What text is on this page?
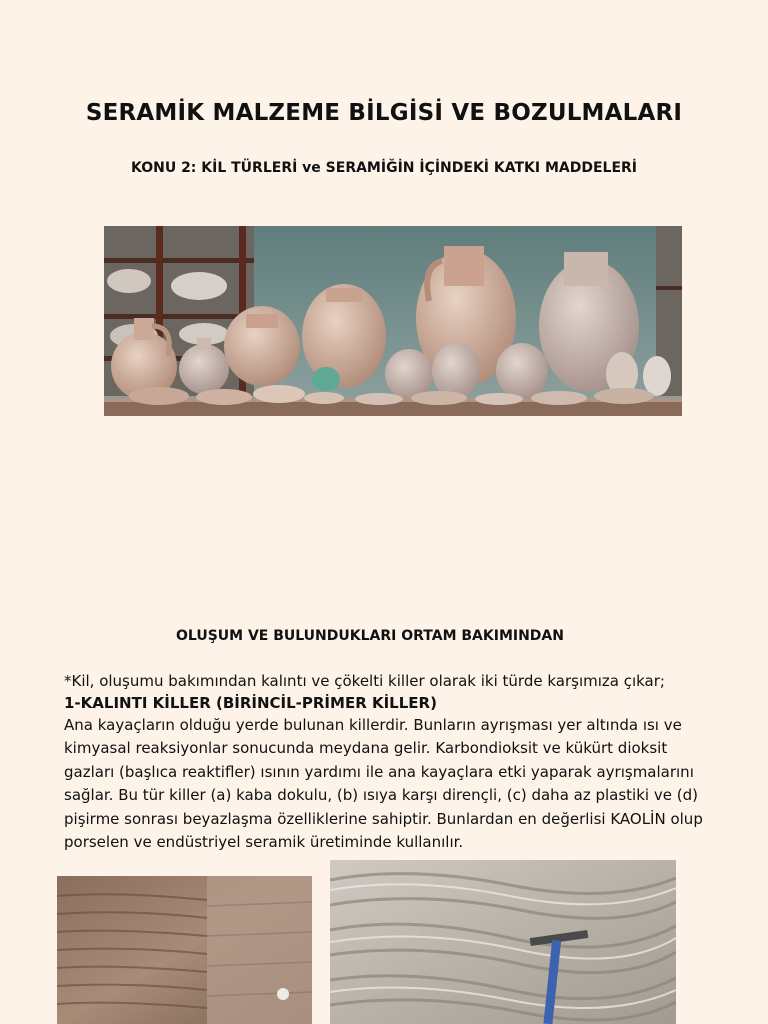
SERAMİK MALZEME BİLGİSİ VE BOZULMALARI
KONU 2: KİL TÜRLERİ ve SERAMİĞİN İÇİNDEKİ KATKI MADDELERİ
OLUŞUM VE BULUNDUKLARI ORTAM BAKIMINDAN
*Kil, oluşumu bakımından kalıntı ve çökelti killer olarak iki türde karşımıza çıkar;
1-KALINTI KİLLER (BİRİNCİL-PRİMER KİLLER)
Ana kayaçların olduğu yerde bulunan killerdir. Bunların ayrışması yer altında ısı ve kimyasal reaksiyonlar sonucunda meydana gelir. Karbondioksit ve kükürt dioksit gazları (başlıca reaktifler) ısının yardımı ile ana kayaçlara etki yaparak ayrışmalarını sağlar. Bu tür killer (a) kaba dokulu, (b) ısıya karşı dirençli, (c) daha az plastiki ve (d) pişirme sonrası beyazlaşma özelliklerine sahiptir. Bunlardan en değerlisi KAOLİN olup porselen ve endüstriyel seramik üretiminde kullanılır.
